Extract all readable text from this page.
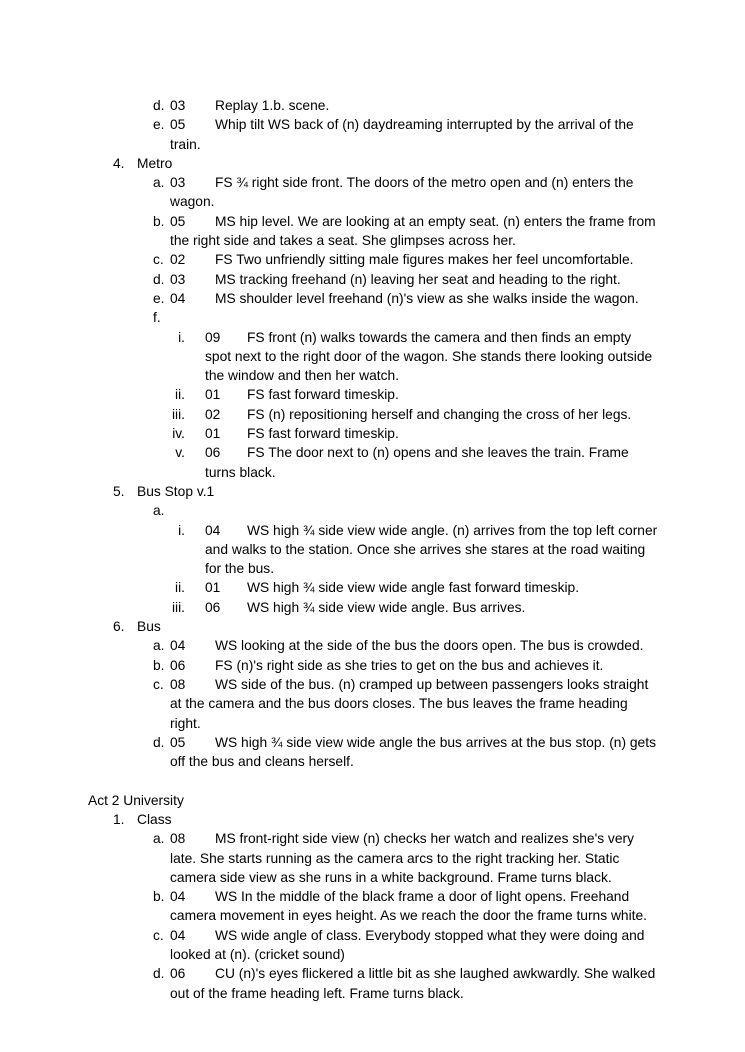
d. 03 Replay 1.b. scene.
e. 05 Whip tilt WS back of (n) daydreaming interrupted by the arrival of the train.
4. Metro
a. 03 FS ¾ right side front. The doors of the metro open and (n) enters the wagon.
b. 05 MS hip level. We are looking at an empty seat. (n) enters the frame from the right side and takes a seat. She glimpses across her.
c. 02 FS Two unfriendly sitting male figures makes her feel uncomfortable.
d. 03 MS tracking freehand (n) leaving her seat and heading to the right.
e. 04 MS shoulder level freehand (n)'s view as she walks inside the wagon.
f.
i. 09 FS front (n) walks towards the camera and then finds an empty spot next to the right door of the wagon. She stands there looking outside the window and then her watch.
ii. 01 FS fast forward timeskip.
iii. 02 FS (n) repositioning herself and changing the cross of her legs.
iv. 01 FS fast forward timeskip.
v. 06 FS The door next to (n) opens and she leaves the train. Frame turns black.
5. Bus Stop v.1
a.
i. 04 WS high ¾ side view wide angle. (n) arrives from the top left corner and walks to the station. Once she arrives she stares at the road waiting for the bus.
ii. 01 WS high ¾ side view wide angle fast forward timeskip.
iii. 06 WS high ¾ side view wide angle. Bus arrives.
6. Bus
a. 04 WS looking at the side of the bus the doors open. The bus is crowded.
b. 06 FS (n)'s right side as she tries to get on the bus and achieves it.
c. 08 WS side of the bus. (n) cramped up between passengers looks straight at the camera and the bus doors closes. The bus leaves the frame heading right.
d. 05 WS high ¾ side view wide angle the bus arrives at the bus stop. (n) gets off the bus and cleans herself.
Act 2 University
1. Class
a. 08 MS front-right side view (n) checks her watch and realizes she's very late. She starts running as the camera arcs to the right tracking her. Static camera side view as she runs in a white background. Frame turns black.
b. 04 WS In the middle of the black frame a door of light opens. Freehand camera movement in eyes height. As we reach the door the frame turns white.
c. 04 WS wide angle of class. Everybody stopped what they were doing and looked at (n). (cricket sound)
d. 06 CU (n)'s eyes flickered a little bit as she laughed awkwardly. She walked out of the frame heading left. Frame turns black.
